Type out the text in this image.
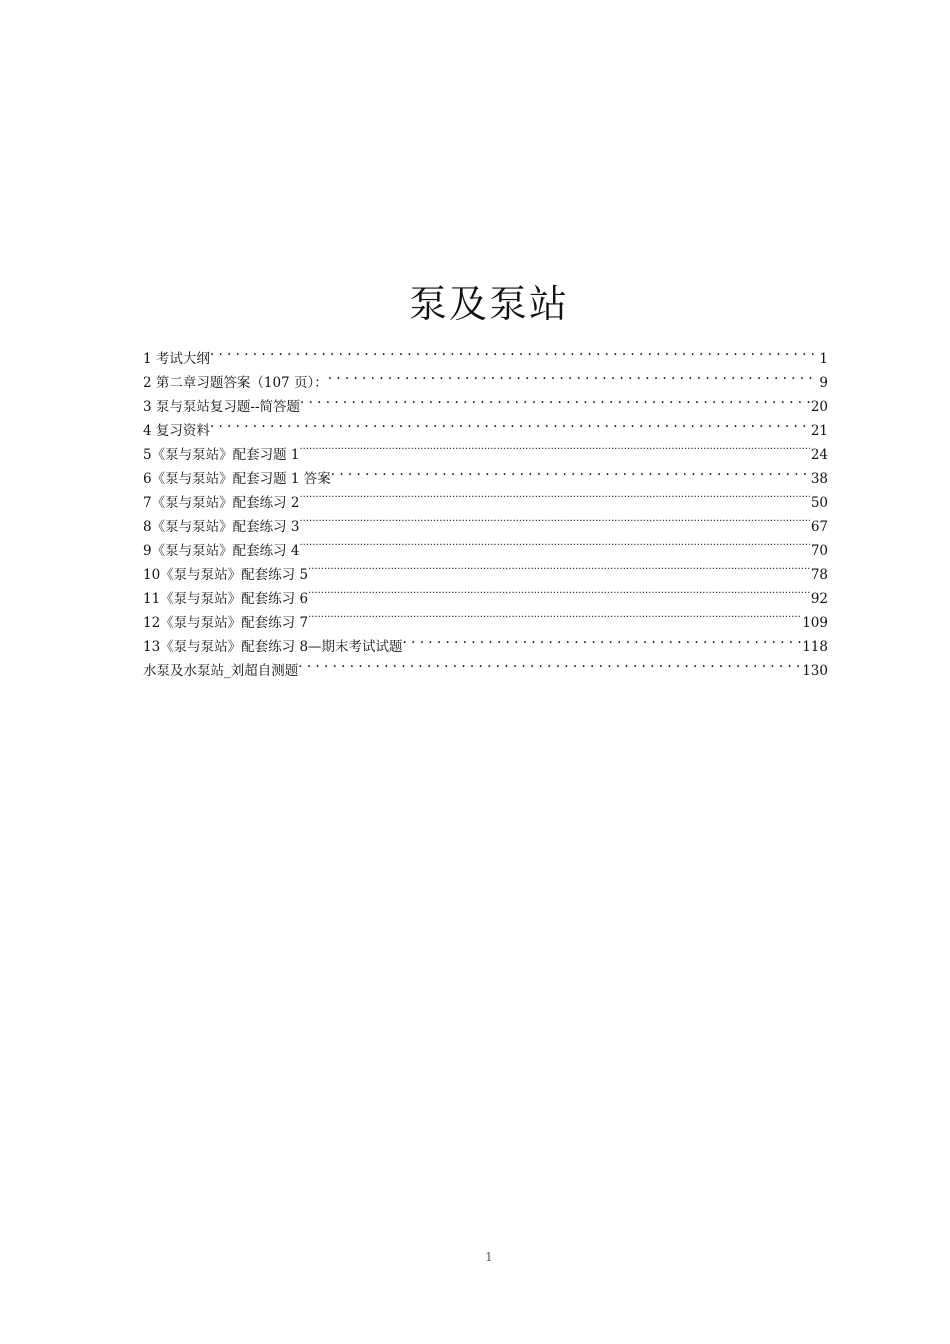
泵及泵站
1 考试大纲 . . .	1
2 第二章习题答案（107 页）： . . .	9
3 泵与泵站复习题--简答题 . . .	20
4 复习资料 . . .	21
5《泵与泵站》配套习题 1 .....	24
6《泵与泵站》配套习题 1 答案 . . .	38
7《泵与泵站》配套练习 2 .....	50
8《泵与泵站》配套练习 3 .....	67
9《泵与泵站》配套练习 4 .....	70
10《泵与泵站》配套练习 5 .....	78
11《泵与泵站》配套练习 6 .....	92
12《泵与泵站》配套练习 7 .....	109
13《泵与泵站》配套练习 8—期末考试试题 . . .	118
水泵及水泵站_刘超自测题 . . .	130
1
